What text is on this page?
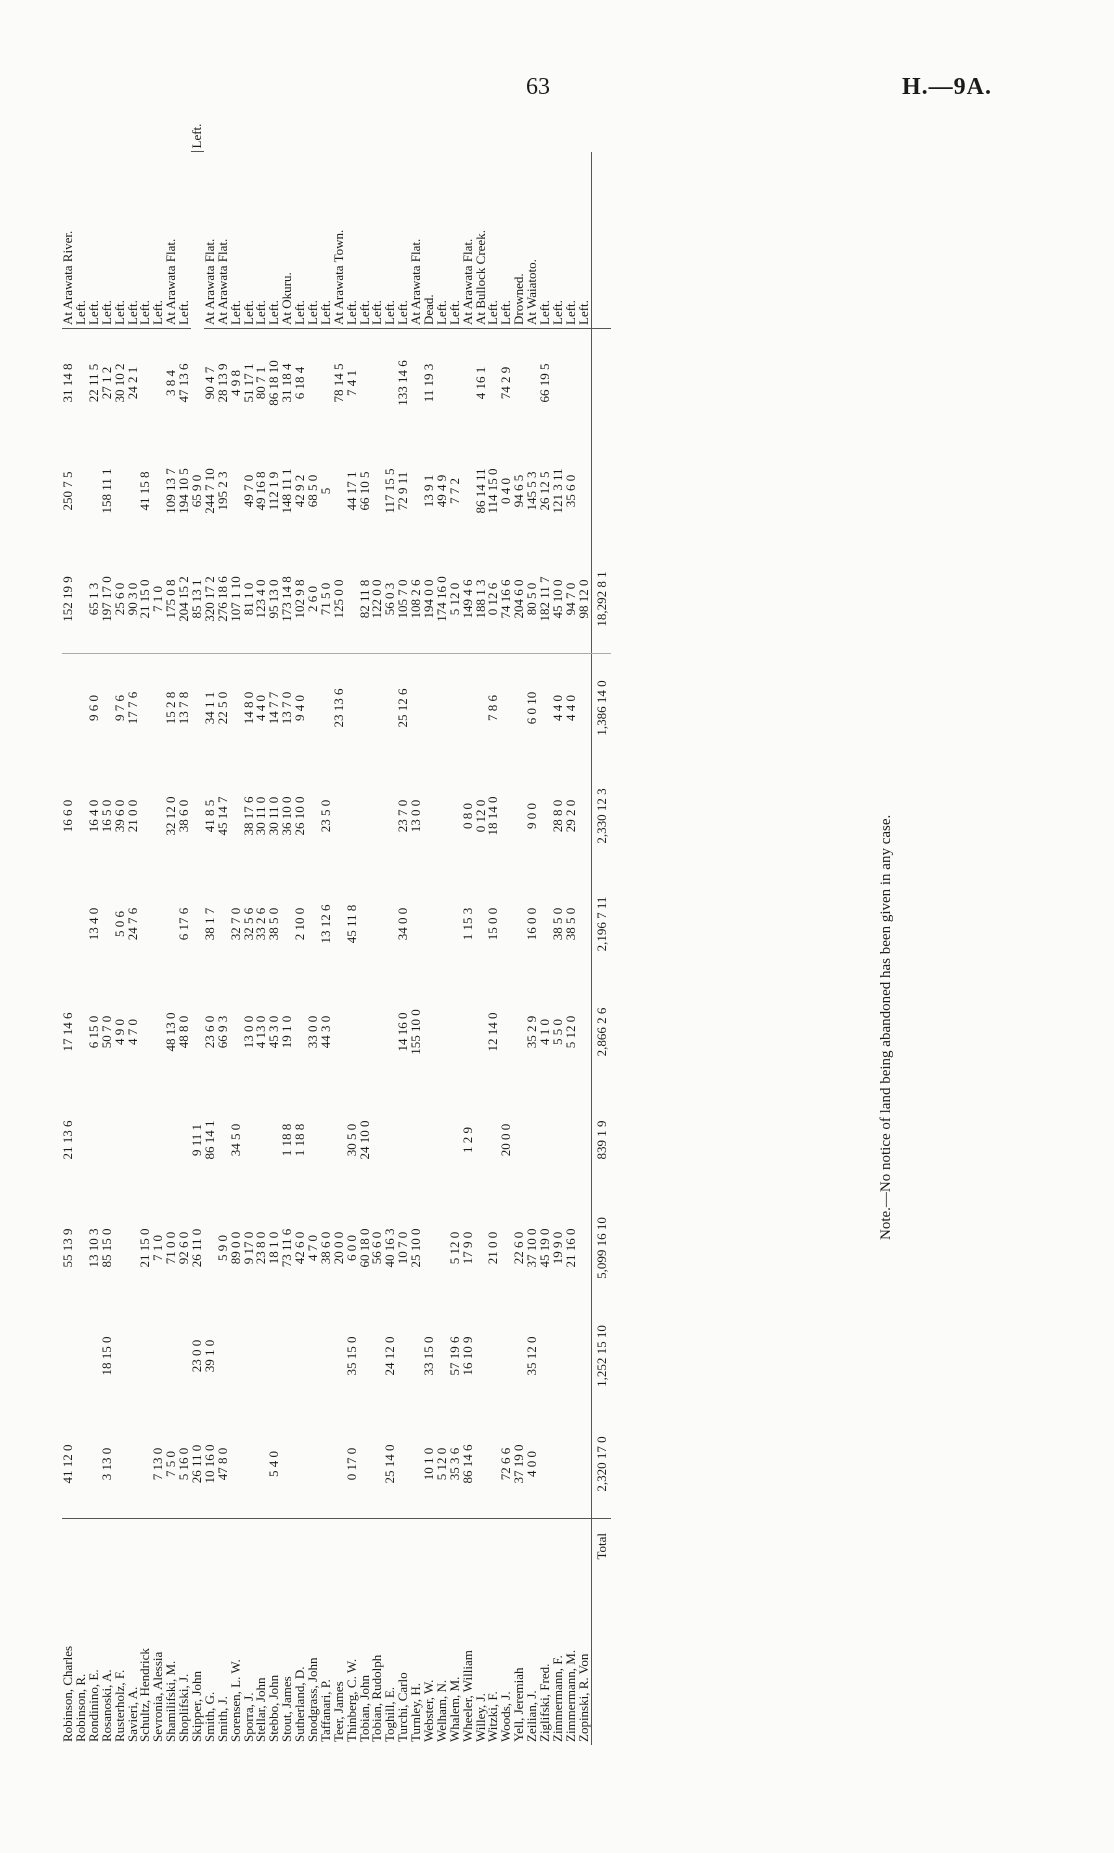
63	H.—9A.
Robinson, Charles	41 12 0		55 13 9	21 13 6	17 14 6		16 6 0		152 19 9	250 7 5	31 14 8	At Arawata River.	
Robinson, R.												Left.	
Rondinino, E.			13 10 3		6 15 0	13 4 0	16 4 0	9 6 0	65 1 3		22 11 5	Left.	
Rosanoski, A.	3 13 0	18 15 0	85 15 0		50 7 0		16 5 0		197 17 0	158 11 1	27 1 2	Left.	
Rusterholz, F.					4 9 0	5 0 6	39 6 0	9 7 6	25 6 0		30 10 2	Left.	
Savieri, A.					4 7 0	24 7 6	21 0 0	17 7 6	90 3 0		24 2 1	Left.	
Schultz, Hendrick			21 15 0						21 15 0	41 15 8		Left.	
Sevronia, Alessia	7 13 0		7 1 0						7 1 0			Left.	
Shamilifski, M.	7 5 0		71 0 0		48 13 0		32 12 0	15 2 8	175 0 8	109 13 7	3 8 4	At Arawata Flat.	
Shoplifski, J.	5 16 0		92 6 0		48 8 0	6 17 6	38 6 0	13 7 8	204 15 2	194 10 5	47 13 6	Left.	
Skipper, John	26 11 0	23 0 0	26 11 0	9 11 1					85 13 1	65 9 0			Left.
Smith, G.	10 16 0	39 1 0		86 14 1	23 6 0	38 1 7	41 8 5	34 1 1	320 17 2	244 7 10	90 4 7	At Arawata Flat.	
Smith, J.	47 8 0		5 9 0		66 9 3		45 14 7	22 5 0	276 18 6	195 2 3	28 13 9	At Arawata Flat.	
Sorensen, L. W.			89 0 0	34 5 0		32 7 0			107 1 10		4 9 8	Left.	
Sporra, J.			9 17 0		13 0 0	32 5 6	38 17 6	14 8 0	81 1 0	49 7 0	51 17 1	Left.	
Stellar, John			23 8 0		4 13 0	33 2 6	30 11 0	4 4 0	123 4 0	49 16 8	80 7 1	Left.	
Stebbo, John	5 4 0		18 1 0		45 3 0	38 5 0	30 11 0	14 7 7	95 13 0	112 1 9	86 18 10	Left.	
Stout, James			73 11 6	1 18 8	19 1 0		36 10 0	13 7 0	173 14 8	148 11 1	31 18 4	At Okuru.	
Sutherland, D.			42 6 0	1 18 8		2 10 0	26 10 0	9 4 0	102 9 8	42 9 2	6 18 4	Left.	
Snodgrass, John			4 7 0		33 0 0				2 6 0	68 5 0		Left.	
Taffanari, P.			38 6 0		44 3 0	13 12 6	23 5 0		71 5 0	5		Left.	
Teer, James			20 0 0					23 13 6	125 0 0		78 14 5	At Arawata Town.	
Thinberg, C. W.	0 17 0	35 15 0	6 0 0	30 5 0		45 11 8				44 17 1	7 4 1	Left.	
Tobian, John			60 18 0	24 10 0					82 11 8	66 10 5		Left.	
Tobian, Rudolph			56 6 0						122 0 0			Left.	
Toghill, E.	25 14 0	24 12 0	40 16 3						56 0 3	117 15 5		Left.	
Turchi, Carlo			10 7 0		14 16 0	34 0 0	23 7 0	25 12 6	105 7 0	72 9 11	133 14 6	Left.	
Turnley, H.			25 10 0		155 10 0		13 0 0		108 2 6			At Arawata Flat.	
Webster, W.	10 1 0	33 15 0							194 0 0	13 9 1	11 19 3	Dead.	
Welham, N.	5 12 0								174 16 0	49 4 9		Left.	
Whalem, M.	35 3 6	57 19 6	5 12 0						5 12 0	7 7 2		Left.	
Wheeler, William	86 14 6	16 10 9	17 9 0	1 2 9		1 15 3	0 8 0		149 4 6			At Arawata Flat.	
Willey, J.							0 12 0		188 1 3	86 14 11	4 16 1	At Bullock Creek.	
Witzki, F.			21 0 0		12 14 0	15 0 0	18 14 0	7 8 6	0 12 6	114 15 0		Left.	
Woods, J.	72 6 6			20 0 0					74 16 6	0 4 0	74 2 9	Left.	
Yell, Jeremiah	37 19 0		22 6 0						204 6 0	94 6 5		Drowned.	
Zeilian, J.	4 0 0	35 12 0	37 10 0		35 2 9	16 0 0	9 0 0	6 0 10	80 5 0	145 5 3		At Waiatoto.	
Ziglifski, Fred.			45 19 0		4 1 0				182 11 7	26 12 5	66 19 5	Left.	
Zimmermann, F.			19 9 0		5 5 0	38 5 0	28 8 0	4 4 0	45 10 0	121 3 11		Left.	
Zimmermann, M.			21 16 0		5 12 0	38 5 0	29 2 0	4 4 0	94 7 0	35 6 0		Left.	
Zopinski, R. Von									98 12 0			Left.	
Total	2,320 17 0	1,252 15 10	5,099 16 10	839 1 9	2,866 2 6	2,196 7 11	2,330 12 3	1,386 14 0	18,292 8 1				
Note.—No notice of land being abandoned has been given in any case.
